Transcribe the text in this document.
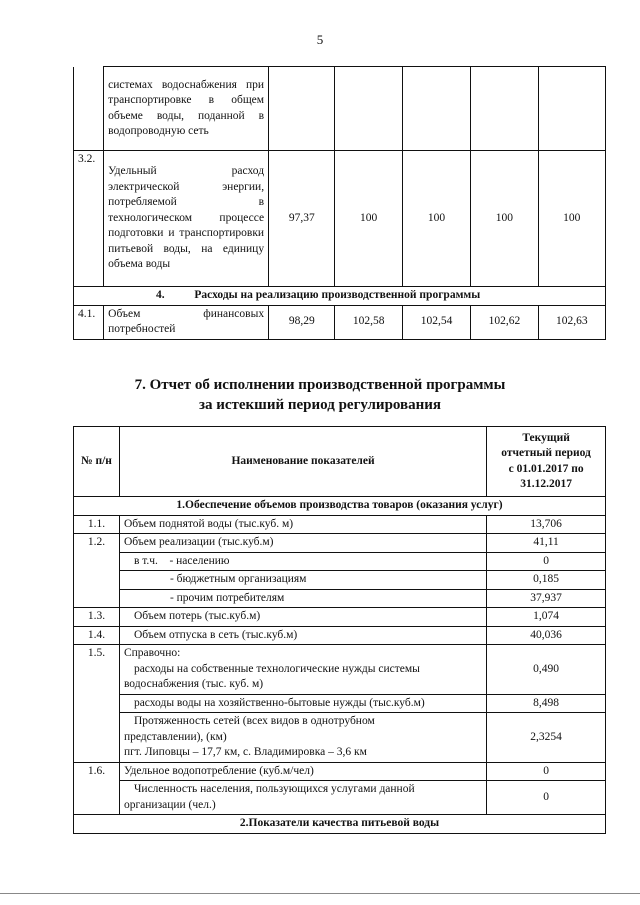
5
	системах водоснабжения при транспортировке в общем объеме воды, поданной в водопроводную сеть					
3.2.	Удельный расход электрической энергии, потребляемой в технологическом процессе подготовки и транспортировки питьевой воды, на единицу объема воды	97,37	100	100	100	100
4. Расходы на реализацию производственной программы						
4.1.	Объем финансовых потребностей	98,29	102,58	102,54	102,62	102,63
7. Отчет об исполнении производственной программы
за истекший период регулирования
№ п/н	Наименование показателей	Текущий
отчетный период
с 01.01.2017 по
31.12.2017

1.Обеспечение объемов производства товаров (оказания услуг)		
1.1.	Объем поднятой воды (тыс.куб. м)	13,706
1.2.	Объем реализации (тыс.куб.м)	41,11
	в т.ч. - населению	0
	- бюджетным организациям	0,185
	- прочим потребителям	37,937
1.3.	Объем потерь (тыс.куб.м)	1,074
1.4.	Объем отпуска в сеть (тыс.куб.м)	40,036
1.5.	Справочно:
расходы на собственные технологические нужды системы
водоснабжения (тыс. куб. м)	0,490
	расходы воды на хозяйственно-бытовые нужды (тыс.куб.м)	8,498

	Протяженность сетей (всех видов в однотрубном
представлении), (км)
пгт. Липовцы – 17,7 км, с. Владимировка – 3,6 км	2,3254
1.6.	Удельное водопотребление (куб.м/чел)	0

	Численность населения, пользующихся услугами данной
организации (чел.)	0
2.Показатели качества питьевой воды		
